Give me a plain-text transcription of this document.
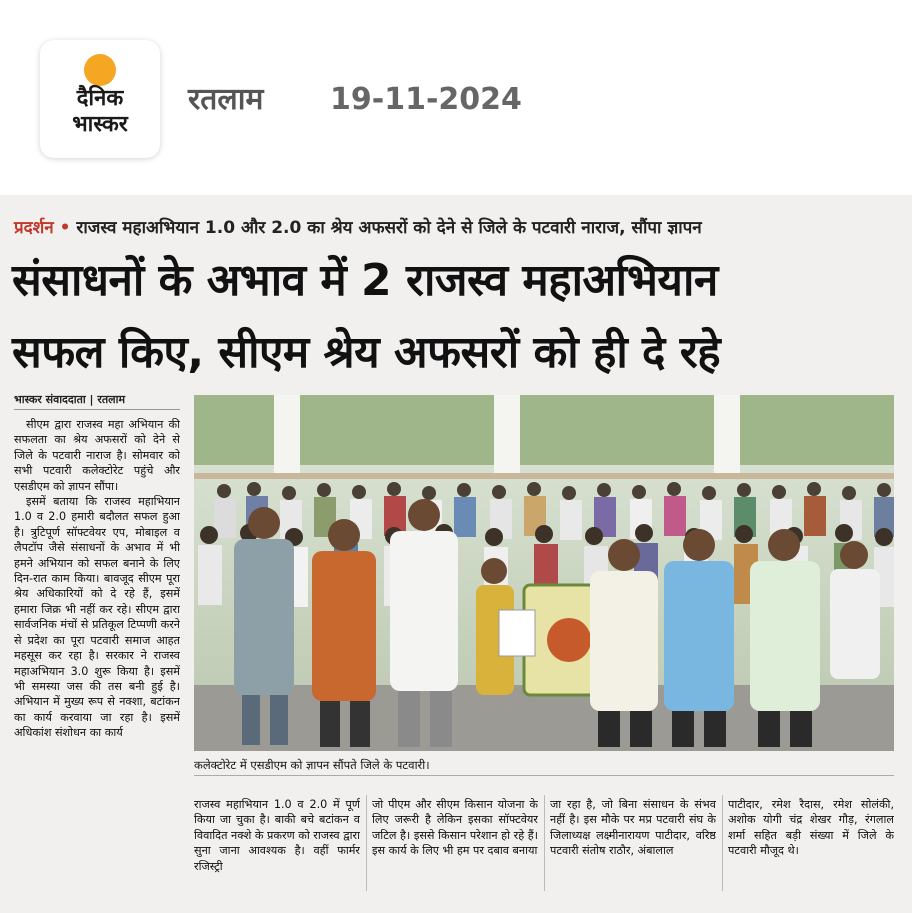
दैनिक
भास्कर
रतलाम 19-11-2024
प्रदर्शन • राजस्व महाअभियान 1.0 और 2.0 का श्रेय अफसरों को देने से जिले के पटवारी नाराज, सौंपा ज्ञापन
संसाधनों के अभाव में 2 राजस्व महाअभियान
सफल किए, सीएम श्रेय अफसरों को ही दे रहे
भास्कर संवाददाता | रतलाम

सीएम द्वारा राजस्व महा अभियान की सफलता का श्रेय अफसरों को देने से जिले के पटवारी नाराज है। सोमवार को सभी पटवारी कलेक्टोरेट पहुंचे और एसडीएम को ज्ञापन सौंपा।

इसमें बताया कि राजस्व महाभियान 1.0 व 2.0 हमारी बदौलत सफल हुआ है। त्रुटिपूर्ण सॉफ्टवेयर एप, मोबाइल व लैपटॉप जैसे संसाधनों के अभाव में भी हमने अभियान को सफल बनाने के लिए दिन-रात काम किया। बावजूद सीएम पूरा श्रेय अधिकारियों को दे रहे हैं, इसमें हमारा जिक्र भी नहीं कर रहे। सीएम द्वारा सार्वजनिक मंचों से प्रतिकूल टिप्पणी करने से प्रदेश का पूरा पटवारी समाज आहत महसूस कर रहा है। सरकार ने राजस्व महाअभियान 3.0 शुरू किया है। इसमें भी समस्या जस की तस बनी हुई है। अभियान में मुख्य रूप से नक्शा, बटांकन का कार्य करवाया जा रहा है। इसमें अधिकांश संशोधन का कार्य

कलेक्टोरेट में एसडीएम को ज्ञापन सौंपते जिले के पटवारी।
राजस्व महाभियान 1.0 व 2.0 में पूर्ण किया जा चुका है। बाकी बचे बटांकन व विवादित नक्शे के प्रकरण को राजस्व द्वारा सुना जाना आवश्यक है। वहीं फार्मर रजिस्ट्री
जो पीएम और सीएम किसान योजना के लिए जरूरी है लेकिन इसका सॉफ्टवेयर जटिल है। इससे किसान परेशान हो रहे हैं। इस कार्य के लिए भी हम पर दबाव बनाया
जा रहा है, जो बिना संसाधन के संभव नहीं है। इस मौके पर मप्र पटवारी संघ के जिलाध्यक्ष लक्ष्मीनारायण पाटीदार, वरिष्ठ पटवारी संतोष राठौर, अंबालाल
पाटीदार, रमेश रैदास, रमेश सोलंकी, अशोक योगी चंद्र शेखर गौड़, रंगलाल शर्मा सहित बड़ी संख्या में जिले के पटवारी मौजूद थे।
